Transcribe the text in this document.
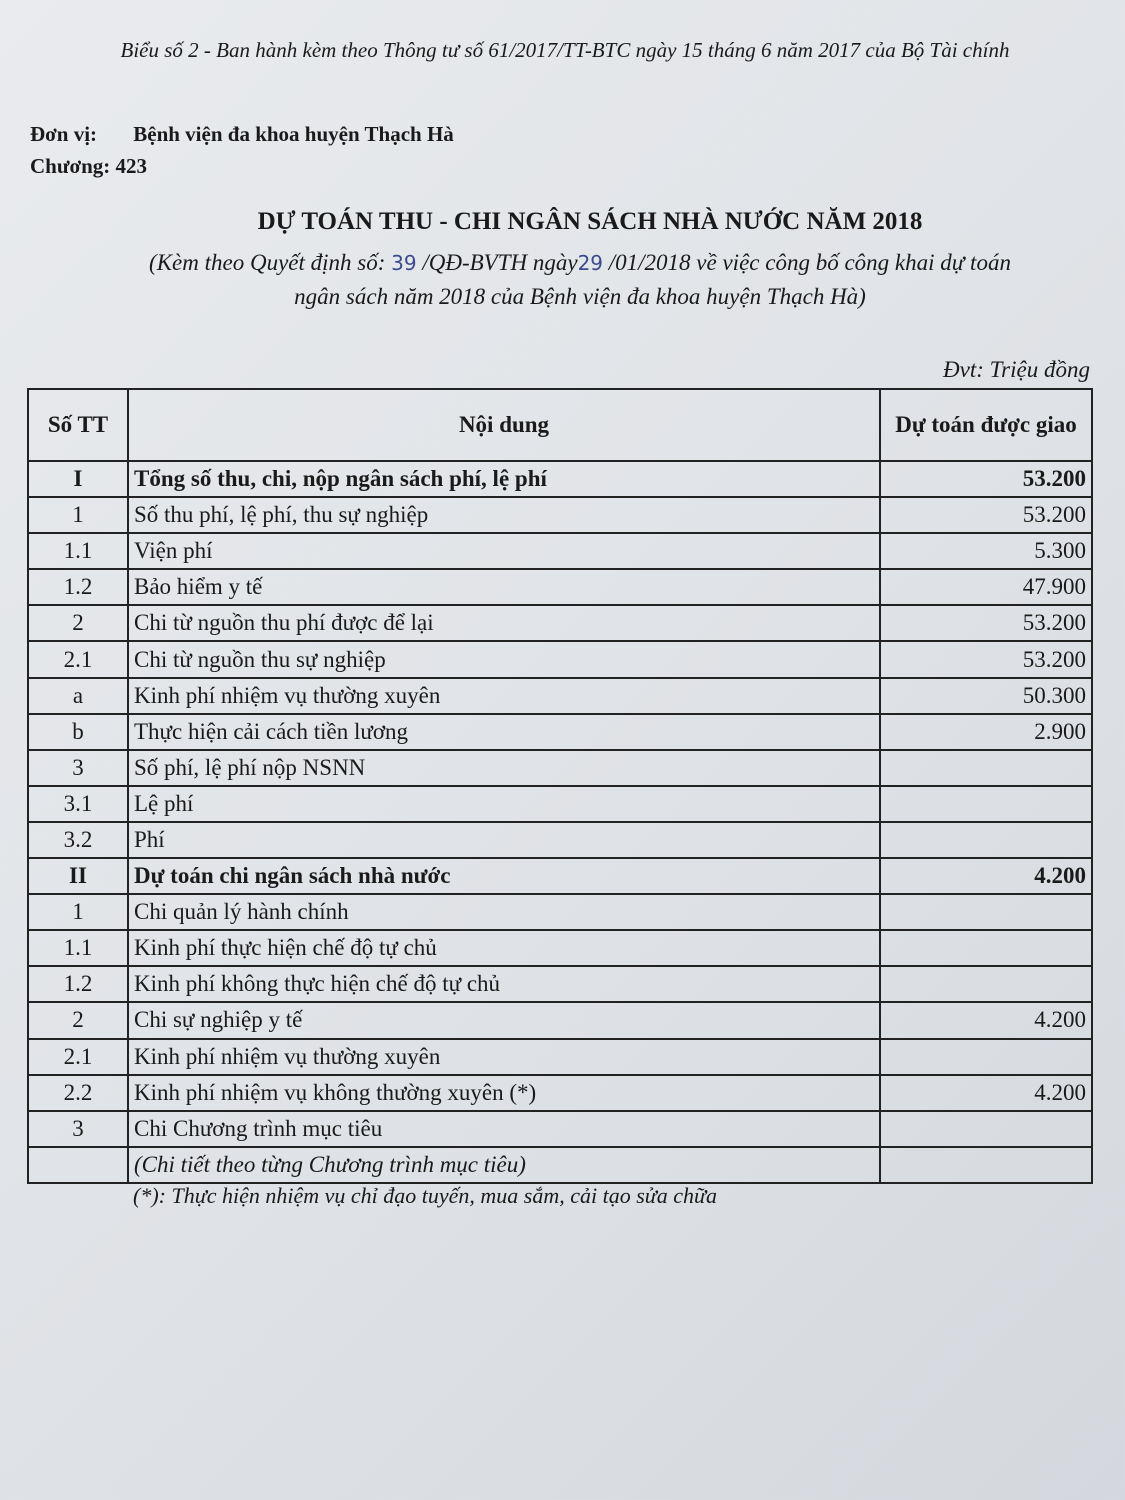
Biểu số 2 - Ban hành kèm theo Thông tư số 61/2017/TT-BTC ngày 15 tháng 6 năm 2017 của Bộ Tài chính
Đơn vị: Bệnh viện đa khoa huyện Thạch Hà
Chương: 423
DỰ TOÁN THU - CHI NGÂN SÁCH NHÀ NƯỚC NĂM 2018
(Kèm theo Quyết định số: 39 /QĐ-BVTH ngày29 /01/2018 về việc công bố công khai dự toán
ngân sách năm 2018 của Bệnh viện đa khoa huyện Thạch Hà)
Đvt: Triệu đồng
Số TT	Nội dung	Dự toán được giao
I	Tổng số thu, chi, nộp ngân sách phí, lệ phí	53.200
1	Số thu phí, lệ phí, thu sự nghiệp	53.200
1.1	Viện phí	5.300
1.2	Bảo hiểm y tế	47.900
2	Chi từ nguồn thu phí được để lại	53.200
2.1	Chi từ nguồn thu sự nghiệp	53.200
a	Kinh phí nhiệm vụ thường xuyên	50.300
b	Thực hiện cải cách tiền lương	2.900
3	Số phí, lệ phí nộp NSNN	
3.1	Lệ phí	
3.2	Phí	
II	Dự toán chi ngân sách nhà nước	4.200
1	Chi quản lý hành chính	
1.1	Kinh phí thực hiện chế độ tự chủ	
1.2	Kinh phí không thực hiện chế độ tự chủ	
2	Chi sự nghiệp y tế	4.200
2.1	Kinh phí nhiệm vụ thường xuyên	
2.2	Kinh phí nhiệm vụ không thường xuyên (*)	4.200
3	Chi Chương trình mục tiêu	
	(Chi tiết theo từng Chương trình mục tiêu)	
(*): Thực hiện nhiệm vụ chỉ đạo tuyến, mua sắm, cải tạo sửa chữa
